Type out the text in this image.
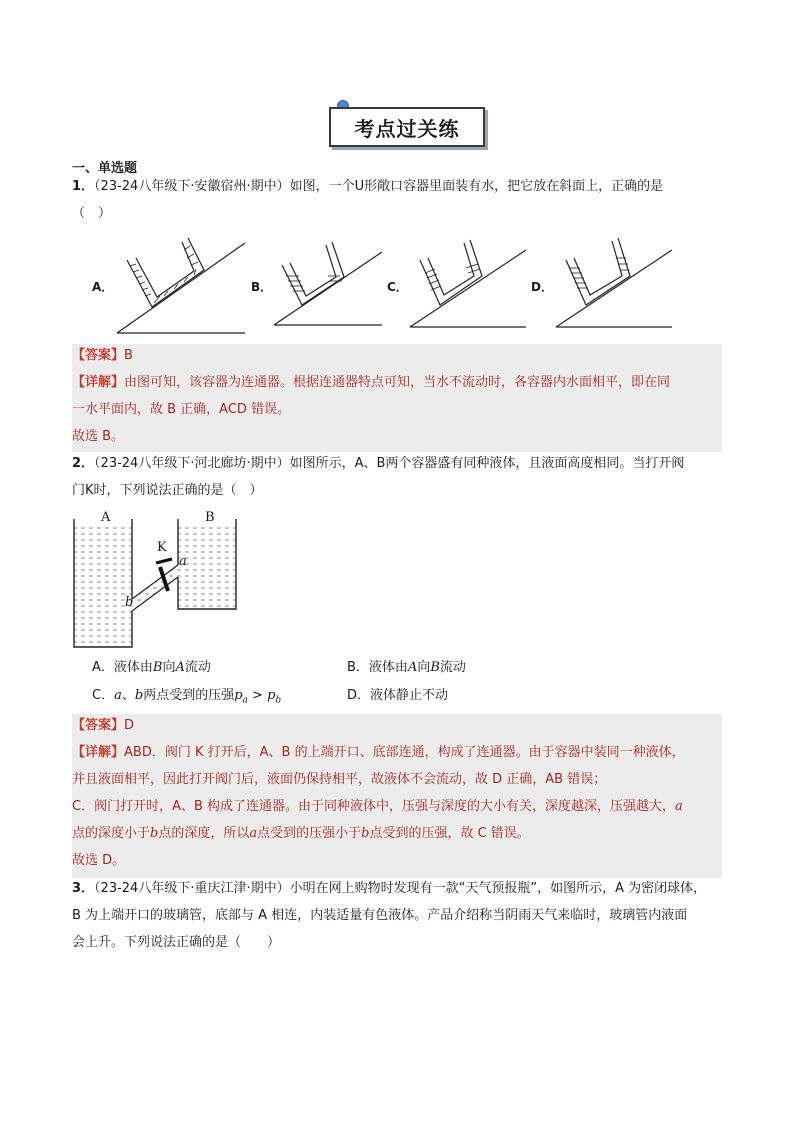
考点过关练
一、单选题
1．（23-24八年级下·安徽宿州·期中）如图，一个U形敞口容器里面装有水，把它放在斜面上，正确的是
（　）
A．	B．	C．	D．
【答案】B
【详解】由图可知，该容器为连通器。根据连通器特点可知，当水不流动时，各容器内水面相平，即在同
一水平面内，故 B 正确，ACD 错误。
故选 B。
2．（23-24八年级下·河北廊坊·期中）如图所示，A、B两个容器盛有同种液体，且液面高度相同。当打开阀
门K时，下列说法正确的是（　）
A	B
K
a
b
A．液体由B向A流动	B．液体由A向B流动
C．a、b两点受到的压强$p_a > p_b$	D．液体静止不动
【答案】D
【详解】ABD．阀门 K 打开后，A、B 的上端开口、底部连通，构成了连通器。由于容器中装同一种液体，
并且液面相平，因此打开阀门后，液面仍保持相平，故液体不会流动，故 D 正确，AB 错误；
C．阀门打开时，A、B 构成了连通器。由于同种液体中，压强与深度的大小有关，深度越深，压强越大，a
点的深度小于b点的深度，所以a点受到的压强小于b点受到的压强，故 C 错误。
故选 D。
3．（23-24八年级下·重庆江津·期中）小明在网上购物时发现有一款“天气预报瓶”，如图所示，A 为密闭球体，
B 为上端开口的玻璃管，底部与 A 相连，内装适量有色液体。产品介绍称当阴雨天气来临时，玻璃管内液面
会上升。下列说法正确的是（　　）
